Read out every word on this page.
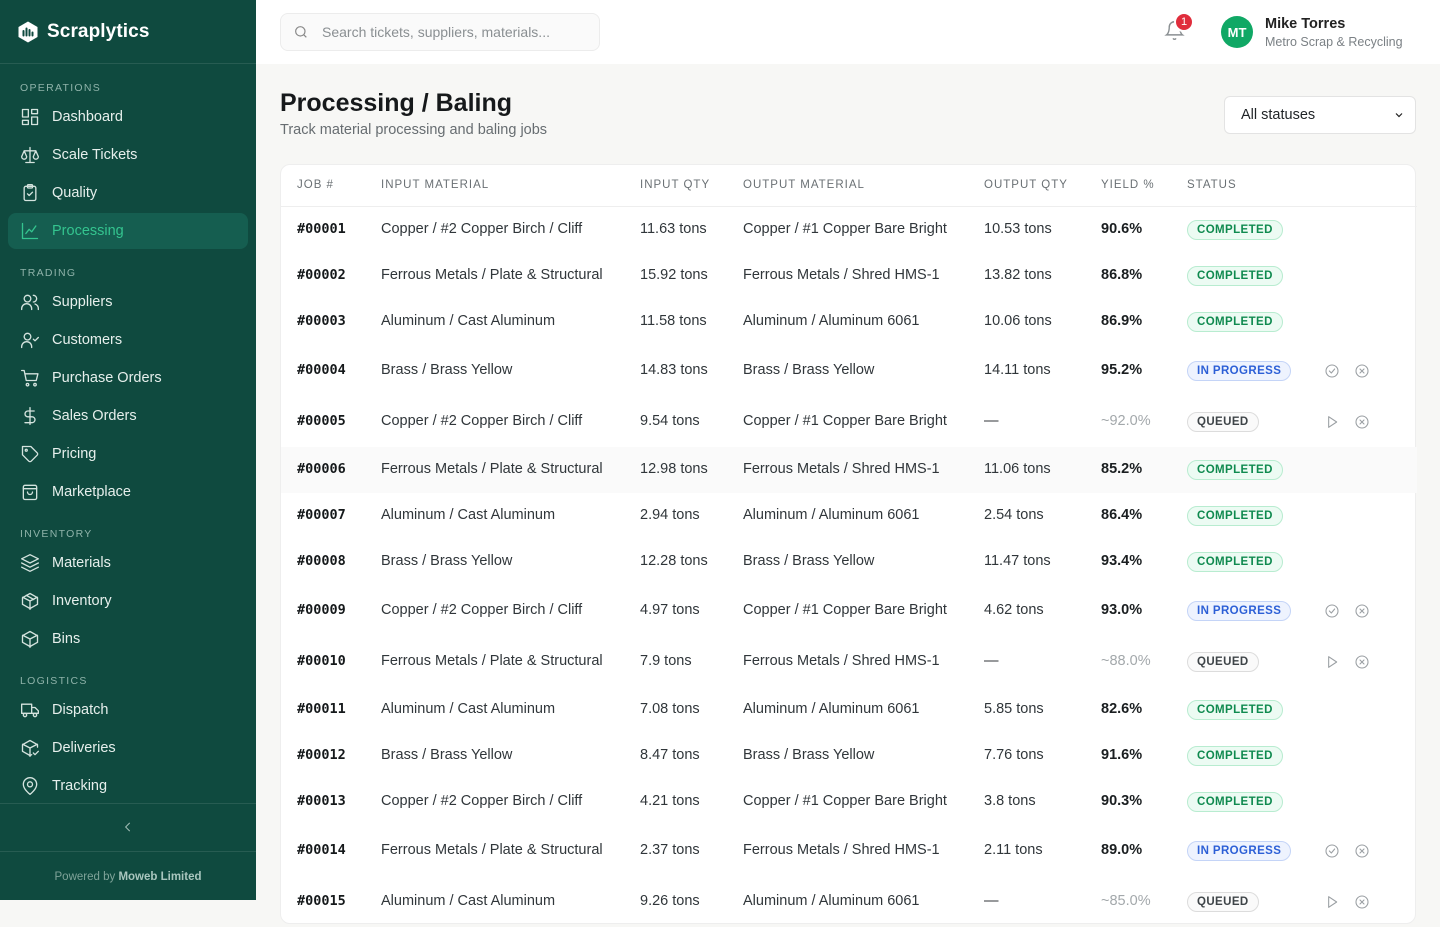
Scraplytics
OPERATIONS
Dashboard
Scale Tickets
Quality
Processing
TRADING
Suppliers
Customers
Purchase Orders
Sales Orders
Pricing
Marketplace
INVENTORY
Materials
Inventory
Bins
LOGISTICS
Dispatch
Deliveries
Tracking
Powered by Moweb Limited
Search tickets, suppliers, materials...
1
MT	Mike Torres
Metro Scrap & Recycling
Processing / Baling
Track material processing and baling jobs
All statuses
JOB #	INPUT MATERIAL	INPUT QTY	OUTPUT MATERIAL	OUTPUT QTY	YIELD %	STATUS
#00001 Copper / #2 Copper Birch / Cliff	11.63 tons	Copper / #1 Copper Bare Bright	10.53 tons	90.6%	COMPLETED
#00002 Ferrous Metals / Plate & Structural	15.92 tons Ferrous Metals / Shred HMS-1	13.82 tons	86.8%	COMPLETED
#00003 Aluminum / Cast Aluminum	11.58 tons	Aluminum / Aluminum 6061	10.06 tons	86.9%	COMPLETED
#00004 Brass / Brass Yellow	14.83 tons Brass / Brass Yellow	14.11 tons	95.2%	IN PROGRESS
#00005 Copper / #2 Copper Birch / Cliff	9.54 tons	Copper / #1 Copper Bare Bright	—	~92.0%	QUEUED
#00006 Ferrous Metals / Plate & Structural	12.98 tons Ferrous Metals / Shred HMS-1	11.06 tons	85.2%	COMPLETED
#00007 Aluminum / Cast Aluminum	2.94 tons	Aluminum / Aluminum 6061	2.54 tons	86.4%	COMPLETED
#00008 Brass / Brass Yellow	12.28 tons Brass / Brass Yellow	11.47 tons	93.4%	COMPLETED
#00009 Copper / #2 Copper Birch / Cliff	4.97 tons	Copper / #1 Copper Bare Bright	4.62 tons	93.0%	IN PROGRESS
#00010 Ferrous Metals / Plate & Structural	7.9 tons	Ferrous Metals / Shred HMS-1	—	~88.0%	QUEUED
#00011 Aluminum / Cast Aluminum	7.08 tons	Aluminum / Aluminum 6061	5.85 tons	82.6%	COMPLETED
#00012 Brass / Brass Yellow	8.47 tons	Brass / Brass Yellow	7.76 tons	91.6%	COMPLETED
#00013 Copper / #2 Copper Birch / Cliff	4.21 tons	Copper / #1 Copper Bare Bright	3.8 tons	90.3%	COMPLETED
#00014 Ferrous Metals / Plate & Structural	2.37 tons	Ferrous Metals / Shred HMS-1	2.11 tons	89.0%	IN PROGRESS
#00015 Aluminum / Cast Aluminum	9.26 tons	Aluminum / Aluminum 6061	—	~85.0%	QUEUED
